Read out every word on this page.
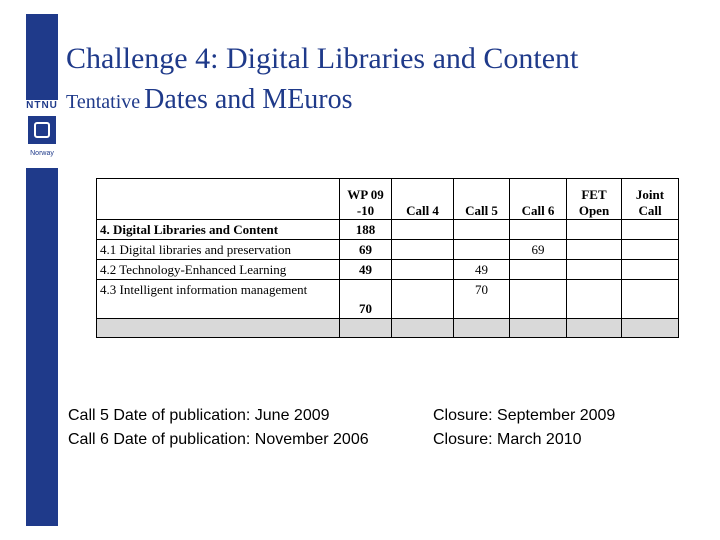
NTNU
Norway
Challenge 4: Digital Libraries and Content
Tentative Dates and MEuros
	WP 09 -10	Call 4	Call 5	Call 6	FET Open	Joint Call
4. Digital Libraries and Content	188					
4.1 Digital libraries and preservation	69			69		
4.2 Technology-Enhanced Learning	49		49			
4.3 Intelligent information management	70		70			

Call 5 Date of publication: June 2009
Call 6 Date of publication: November 2006
Closure: September 2009
Closure: March 2010
